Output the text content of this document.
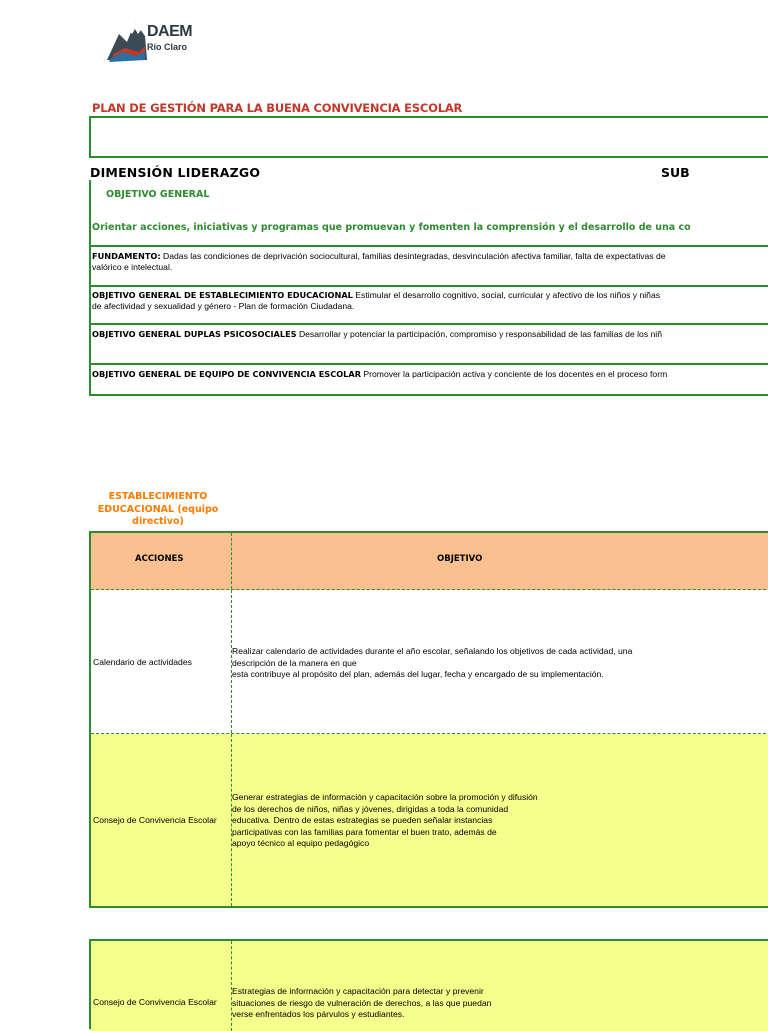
DAEM
Río Claro
PLAN DE GESTIÓN PARA LA BUENA CONVIVENCIA ESCOLAR
DIMENSIÓN LIDERAZGO	SUB
OBJETIVO GENERAL
Orientar acciones, iniciativas y programas que promuevan y fomenten la comprensión y el desarrollo de una co
FUNDAMENTO: Dadas las condiciones de deprivación sociocultural, familias desintegradas, desvinculación afectiva familiar, falta de expectativas de
valórico e intelectual.
OBJETIVO GENERAL DE ESTABLECIMIENTO EDUCACIONAL Estimular el desarrollo cognitivo, social, curricular y afectivo de los niños y niñas
de afectividad y sexualidad y género - Plan de formación Ciudadana.
OBJETIVO GENERAL DUPLAS PSICOSOCIALES Desarrollar y potenciar la participación, compromiso y responsabilidad de las familias de los niñ
OBJETIVO GENERAL DE EQUIPO DE CONVIVENCIA ESCOLAR Promover la participación activa y conciente de los docentes en el proceso form
ESTABLECIMIENTO EDUCACIONAL (equipo directivo)
ACCIONES	OBJETIVO
Calendario de actividades
Realizar calendario de actividades durante el año escolar, señalando los objetivos de cada actividad, una
descripción de la manera en que
esta contribuye al propósito del plan, además del lugar, fecha y encargado de su implementación.
Consejo de Convivencia Escolar
Generar estrategias de información y capacitación sobre la promoción y difusión
de los derechos de niños, niñas y jóvenes, dirigidas a toda la comunidad
educativa. Dentro de estas estrategias se pueden señalar instancias
participativas con las familias para fomentar el buen trato, además de
apoyo técnico al equipo pedagógico
Consejo de Convivencia Escolar
Estrategias de información y capacitación para detectar y prevenir
situaciones de riesgo de vulneración de derechos, a las que puedan
verse enfrentados los párvulos y estudiantes.
